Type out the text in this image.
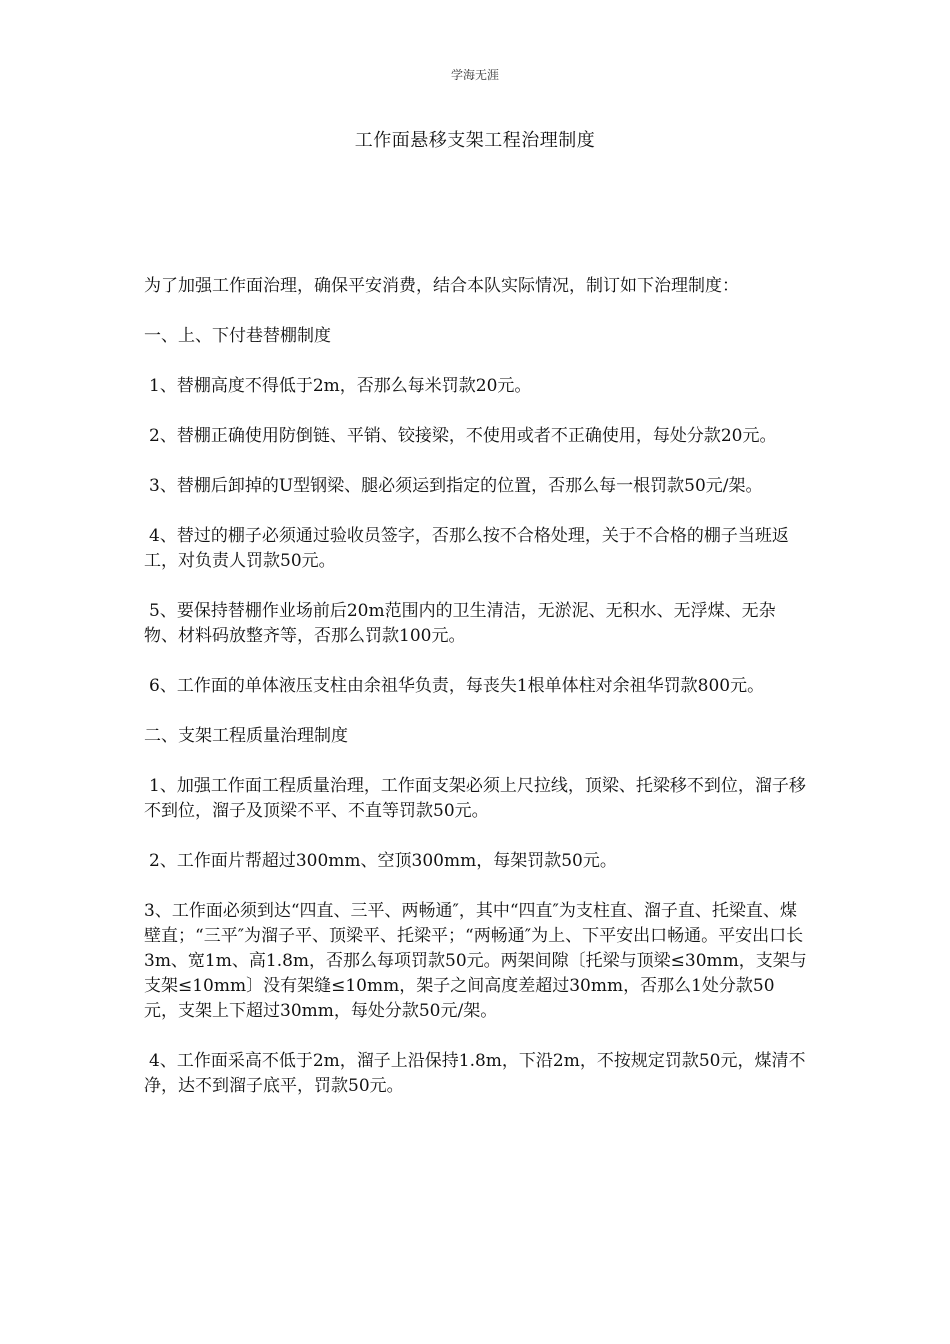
学海无涯
工作面悬移支架工程治理制度

为了加强工作面治理，确保平安消费，结合本队实际情况，制订如下治理制度：

一、上、下付巷替棚制度

1、替棚高度不得低于2m，否那么每米罚款20元。

2、替棚正确使用防倒链、平销、铰接梁，不使用或者不正确使用，每处分款20元。

3、替棚后卸掉的U型钢梁、腿必须运到指定的位置，否那么每一根罚款50元/架。

4、替过的棚子必须通过验收员签字，否那么按不合格处理，关于不合格的棚子当班返工，对负责人罚款50元。

5、要保持替棚作业场前后20m范围内的卫生清洁，无淤泥、无积水、无浮煤、无杂物、材料码放整齐等，否那么罚款100元。

6、工作面的单体液压支柱由余祖华负责，每丧失1根单体柱对余祖华罚款800元。

二、支架工程质量治理制度

1、加强工作面工程质量治理，工作面支架必须上尺拉线，顶梁、托梁移不到位，溜子移不到位，溜子及顶梁不平、不直等罚款50元。

2、工作面片帮超过300mm、空顶300mm，每架罚款50元。

3、工作面必须到达“四直、三平、两畅通″，其中“四直″为支柱直、溜子直、托梁直、煤壁直；“三平″为溜子平、顶梁平、托梁平；“两畅通″为上、下平安出口畅通。平安出口长3m、宽1m、高1.8m，否那么每项罚款50元。两架间隙〔托梁与顶梁≤30mm，支架与支架≤10mm〕没有架缝≤10mm，架子之间高度差超过30mm，否那么1处分款50元，支架上下超过30mm，每处分款50元/架。

4、工作面采高不低于2m，溜子上沿保持1.8m，下沿2m，不按规定罚款50元，煤清不净，达不到溜子底平，罚款50元。
